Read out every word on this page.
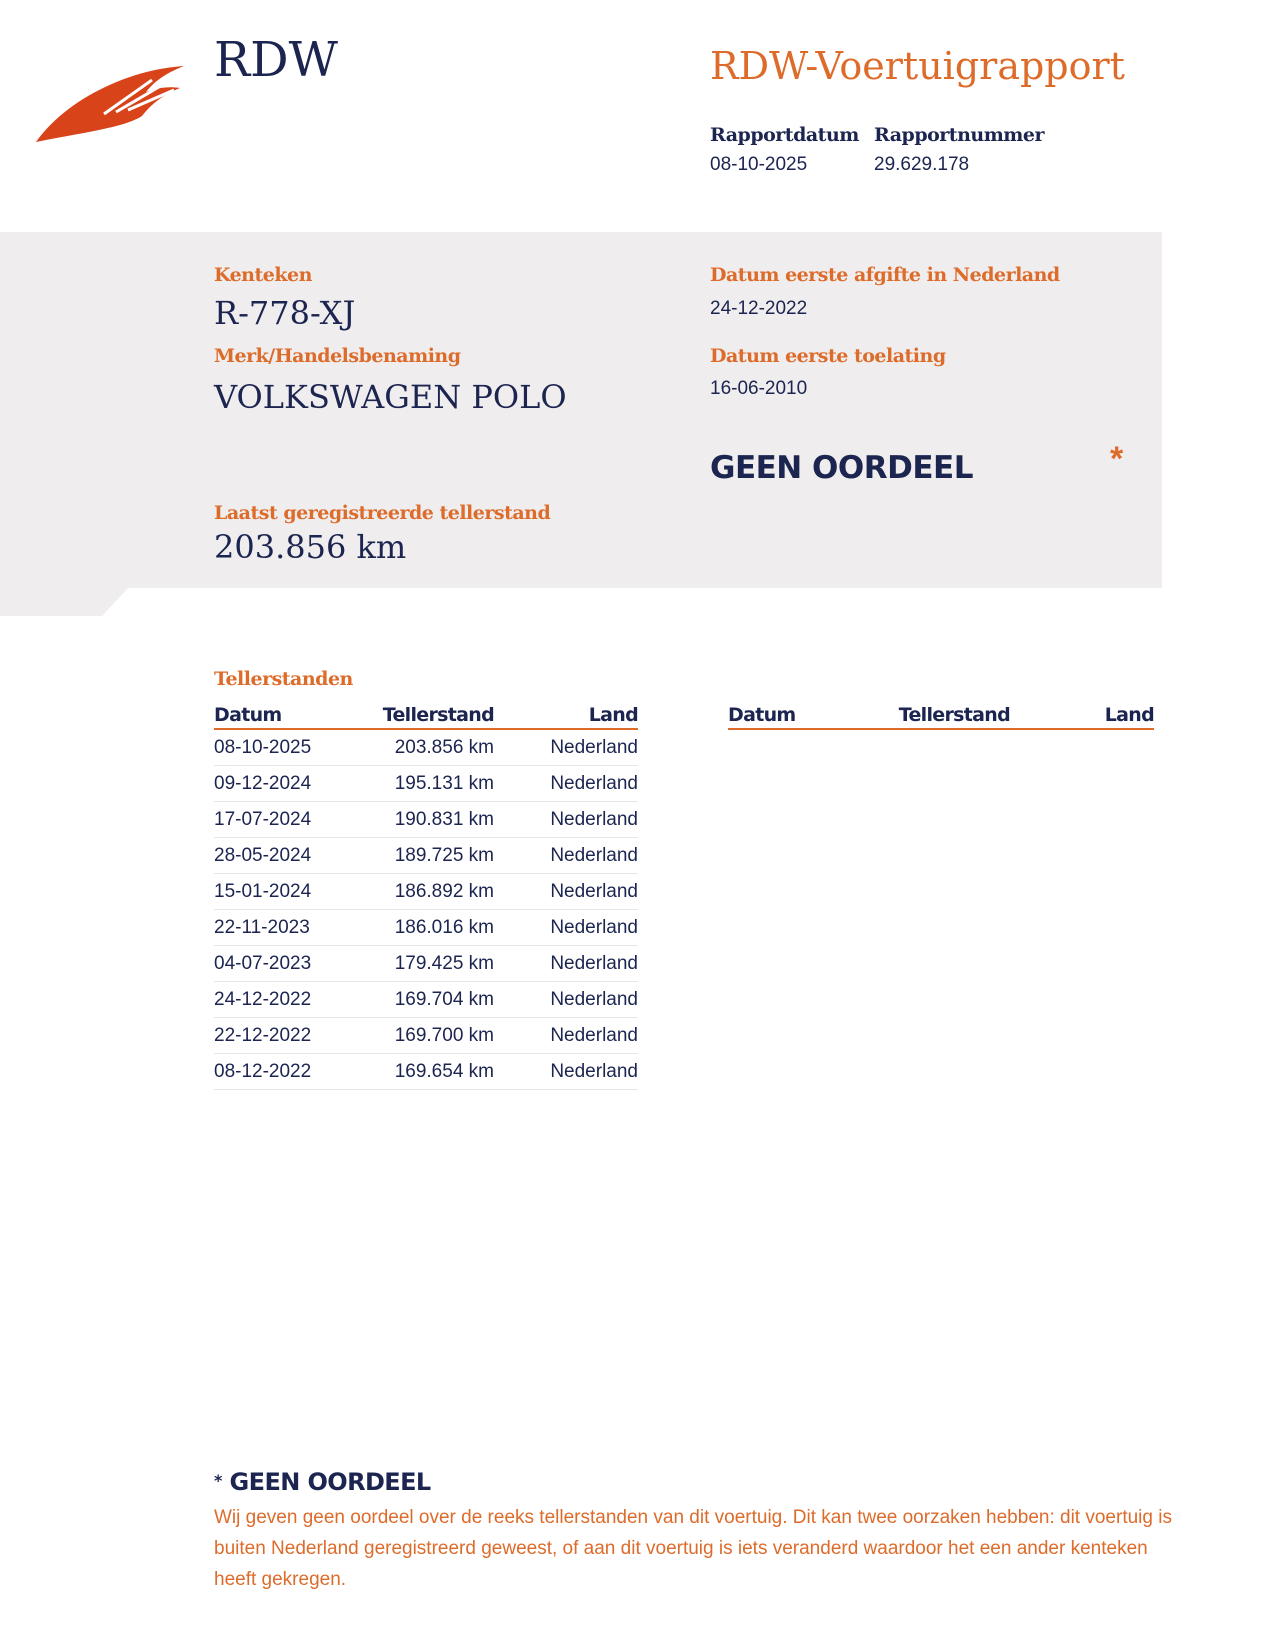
RDW	RDW-Voertuigrapport
Rapportdatum
08-10-2025
Rapportnummer
29.629.178
Kenteken
R-778-XJ
Merk/Handelsbenaming
VOLKSWAGEN POLO
Laatst geregistreerde tellerstand
203.856 km
Datum eerste afgifte in Nederland
24-12-2022
Datum eerste toelating
16-06-2010
GEEN OORDEEL	*
Tellerstanden
Datum	Tellerstand	Land
08-10-2025	203.856 km	Nederland
09-12-2024	195.131 km	Nederland
17-07-2024	190.831 km	Nederland
28-05-2024	189.725 km	Nederland
15-01-2024	186.892 km	Nederland
22-11-2023	186.016 km	Nederland
04-07-2023	179.425 km	Nederland
24-12-2022	169.704 km	Nederland
22-12-2022	169.700 km	Nederland
08-12-2022	169.654 km	Nederland
Datum	Tellerstand	Land
* GEEN OORDEEL
Wij geven geen oordeel over de reeks tellerstanden van dit voertuig. Dit kan twee oorzaken hebben: dit voertuig is buiten Nederland geregistreerd geweest, of aan dit voertuig is iets veranderd waardoor het een ander kenteken heeft gekregen.
